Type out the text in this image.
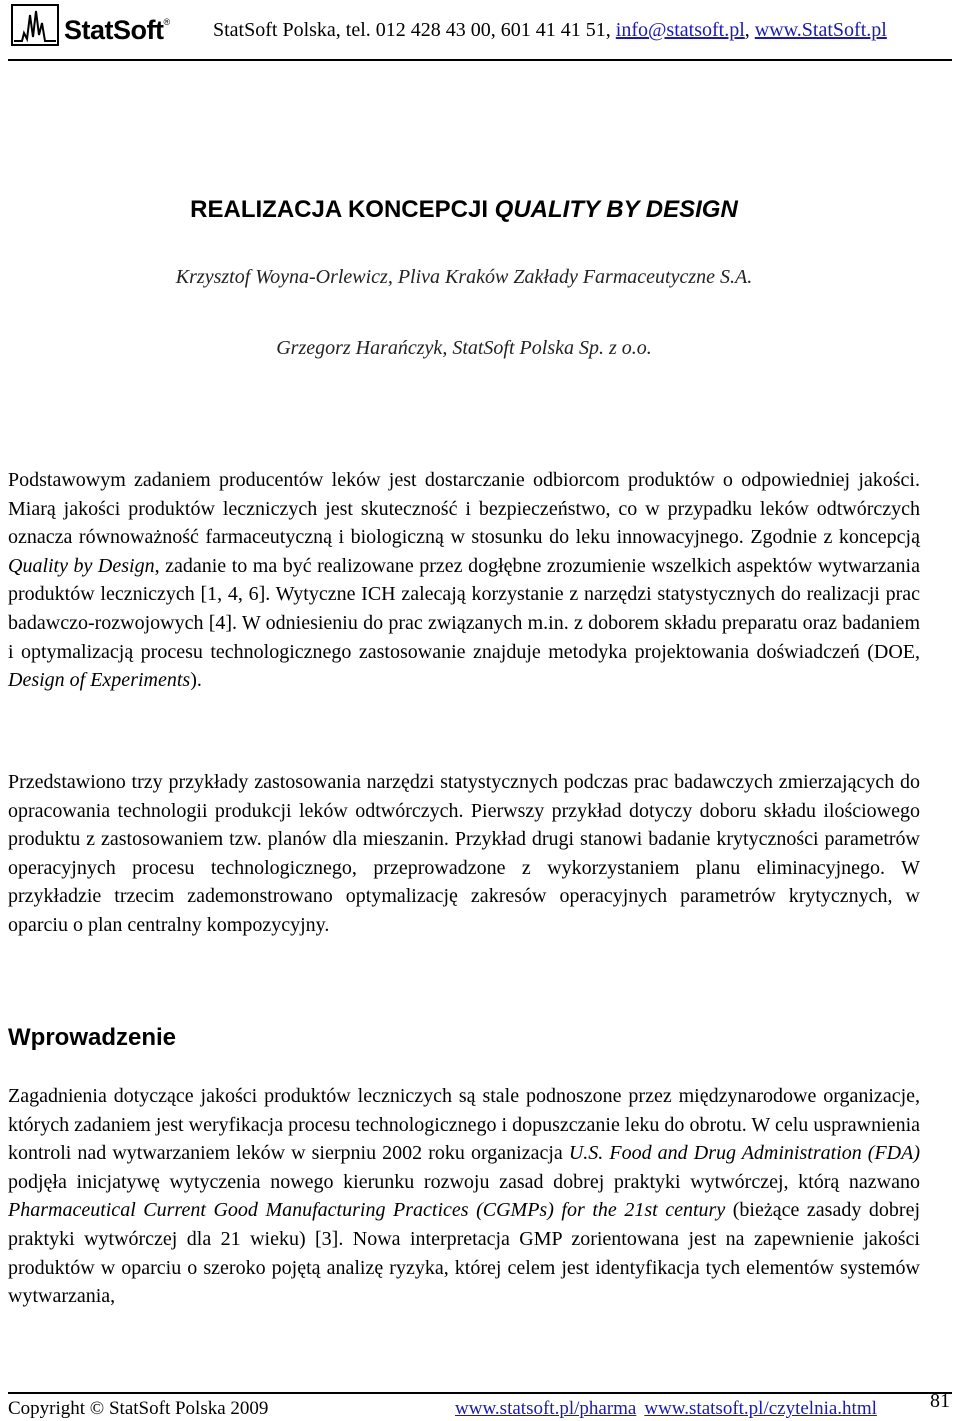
StatSoft® StatSoft Polska, tel. 012 428 43 00, 601 41 41 51, info@statsoft.pl, www.StatSoft.pl
REALIZACJA KONCEPCJI QUALITY BY DESIGN
Krzysztof Woyna-Orlewicz, Pliva Kraków Zakłady Farmaceutyczne S.A.
Grzegorz Harańczyk, StatSoft Polska Sp. z o.o.

Podstawowym zadaniem producentów leków jest dostarczanie odbiorcom produktów o odpowiedniej jakości. Miarą jakości produktów leczniczych jest skuteczność i bezpieczeństwo, co w przypadku leków odtwórczych oznacza równoważność farmaceutyczną i biologiczną w stosunku do leku innowacyjnego. Zgodnie z koncepcją Quality by Design, zadanie to ma być realizowane przez dogłębne zrozumienie wszelkich aspektów wytwarzania produktów leczniczych [1, 4, 6]. Wytyczne ICH zalecają korzystanie z narzędzi statystycznych do realizacji prac badawczo-rozwojowych [4]. W odniesieniu do prac związanych m.in. z doborem składu preparatu oraz badaniem i optymalizacją procesu technologicznego zastosowanie znajduje metodyka projektowania doświadczeń (DOE, Design of Experiments).

Przedstawiono trzy przykłady zastosowania narzędzi statystycznych podczas prac badawczych zmierzających do opracowania technologii produkcji leków odtwórczych. Pierwszy przykład dotyczy doboru składu ilościowego produktu z zastosowaniem tzw. planów dla mieszanin. Przykład drugi stanowi badanie krytyczności parametrów operacyjnych procesu technologicznego, przeprowadzone z wykorzystaniem planu eliminacyjnego. W przykładzie trzecim zademonstrowano optymalizację zakresów operacyjnych parametrów krytycznych, w oparciu o plan centralny kompozycyjny.

Wprowadzenie

Zagadnienia dotyczące jakości produktów leczniczych są stale podnoszone przez międzynarodowe organizacje, których zadaniem jest weryfikacja procesu technologicznego i dopuszczanie leku do obrotu. W celu usprawnienia kontroli nad wytwarzaniem leków w sierpniu 2002 roku organizacja U.S. Food and Drug Administration (FDA) podjęła inicjatywę wytyczenia nowego kierunku rozwoju zasad dobrej praktyki wytwórczej, którą nazwano Pharmaceutical Current Good Manufacturing Practices (CGMPs) for the 21st century (bieżące zasady dobrej praktyki wytwórczej dla 21 wieku) [3]. Nowa interpretacja GMP zorientowana jest na zapewnienie jakości produktów w oparciu o szeroko pojętą analizę ryzyka, której celem jest identyfikacja tych elementów systemów wytwarzania,

Copyright © StatSoft Polska 2009	www.statsoft.pl/pharma www.statsoft.pl/czytelnia.html	81
